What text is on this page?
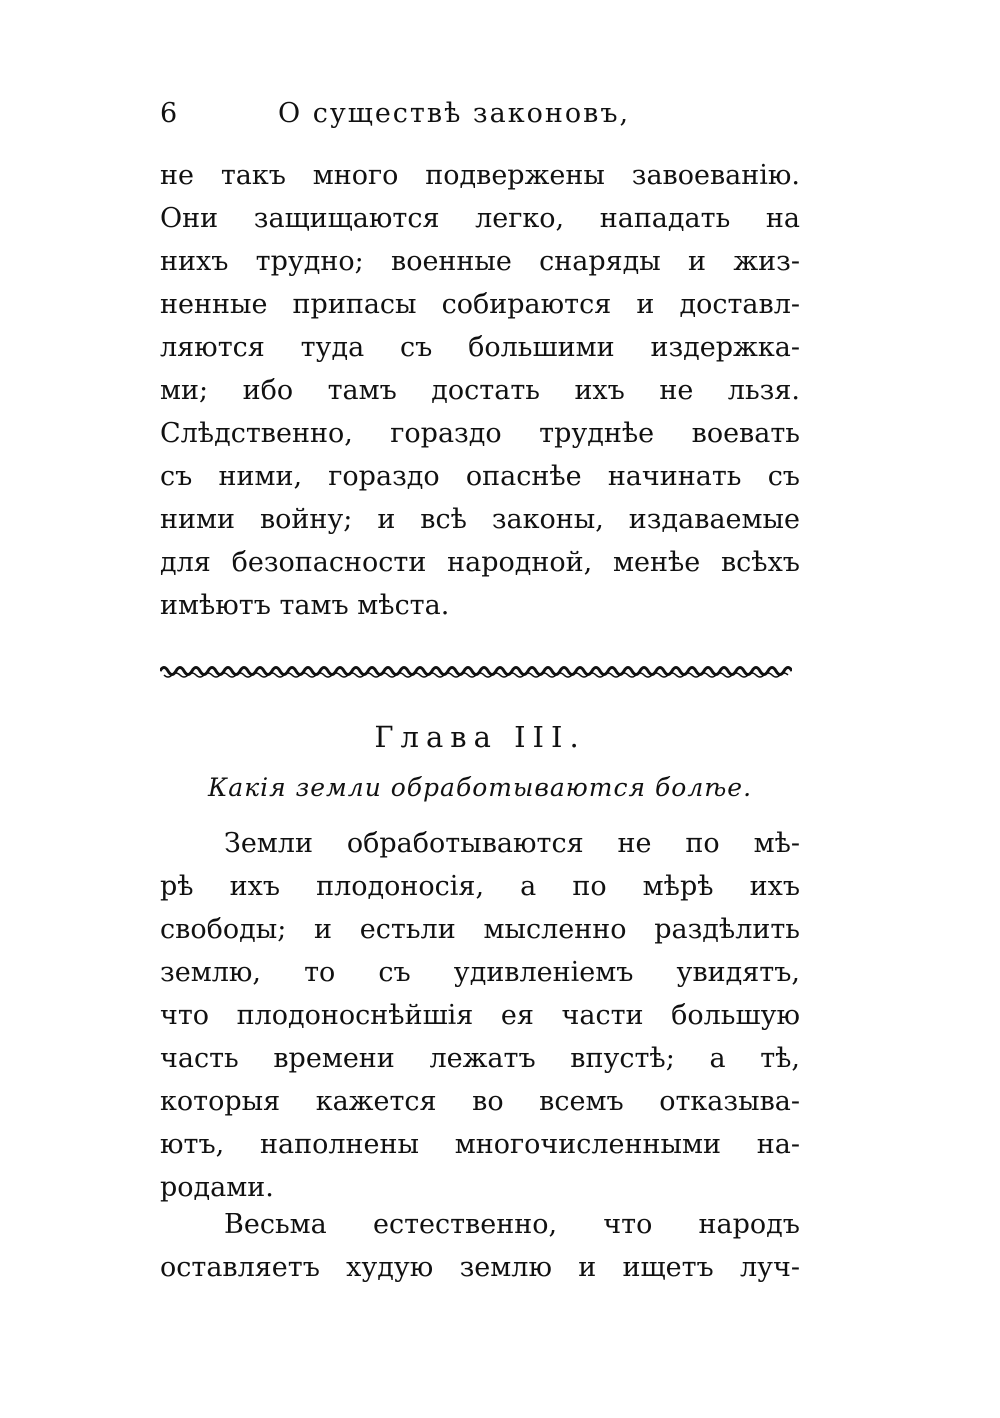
6	О существѣ законовъ,
не такъ много подвержены завоеванію.
Они защищаются легко, нападать на
нихъ трудно; военные снаряды и жиз-
ненные припасы собираются и доставл-
ляются туда съ большими издержка-
ми; ибо тамъ достать ихъ не льзя.
Слѣдственно, гораздо труднѣе воевать
съ ними, гораздо опаснѣе начинать съ
ними войну; и всѣ законы, издаваемые
для безопасности народной, менѣе всѣхъ
имѣютъ тамъ мѣста.
Глава III.
Какія земли обработываются болѣе.
Земли обработываются не по мѣ-
рѣ ихъ плодоносія, а по мѣрѣ ихъ
свободы; и естьли мысленно раздѣлить
землю, то съ удивленіемъ увидятъ,
что плодоноснѣйшія ея части большую
часть времени лежатъ впустѣ; а тѣ,
которыя кажется во всемъ отказыва-
ютъ, наполнены многочисленными на-
родами.
Весьма естественно, что народъ
оставляетъ худую землю и ищетъ луч-
